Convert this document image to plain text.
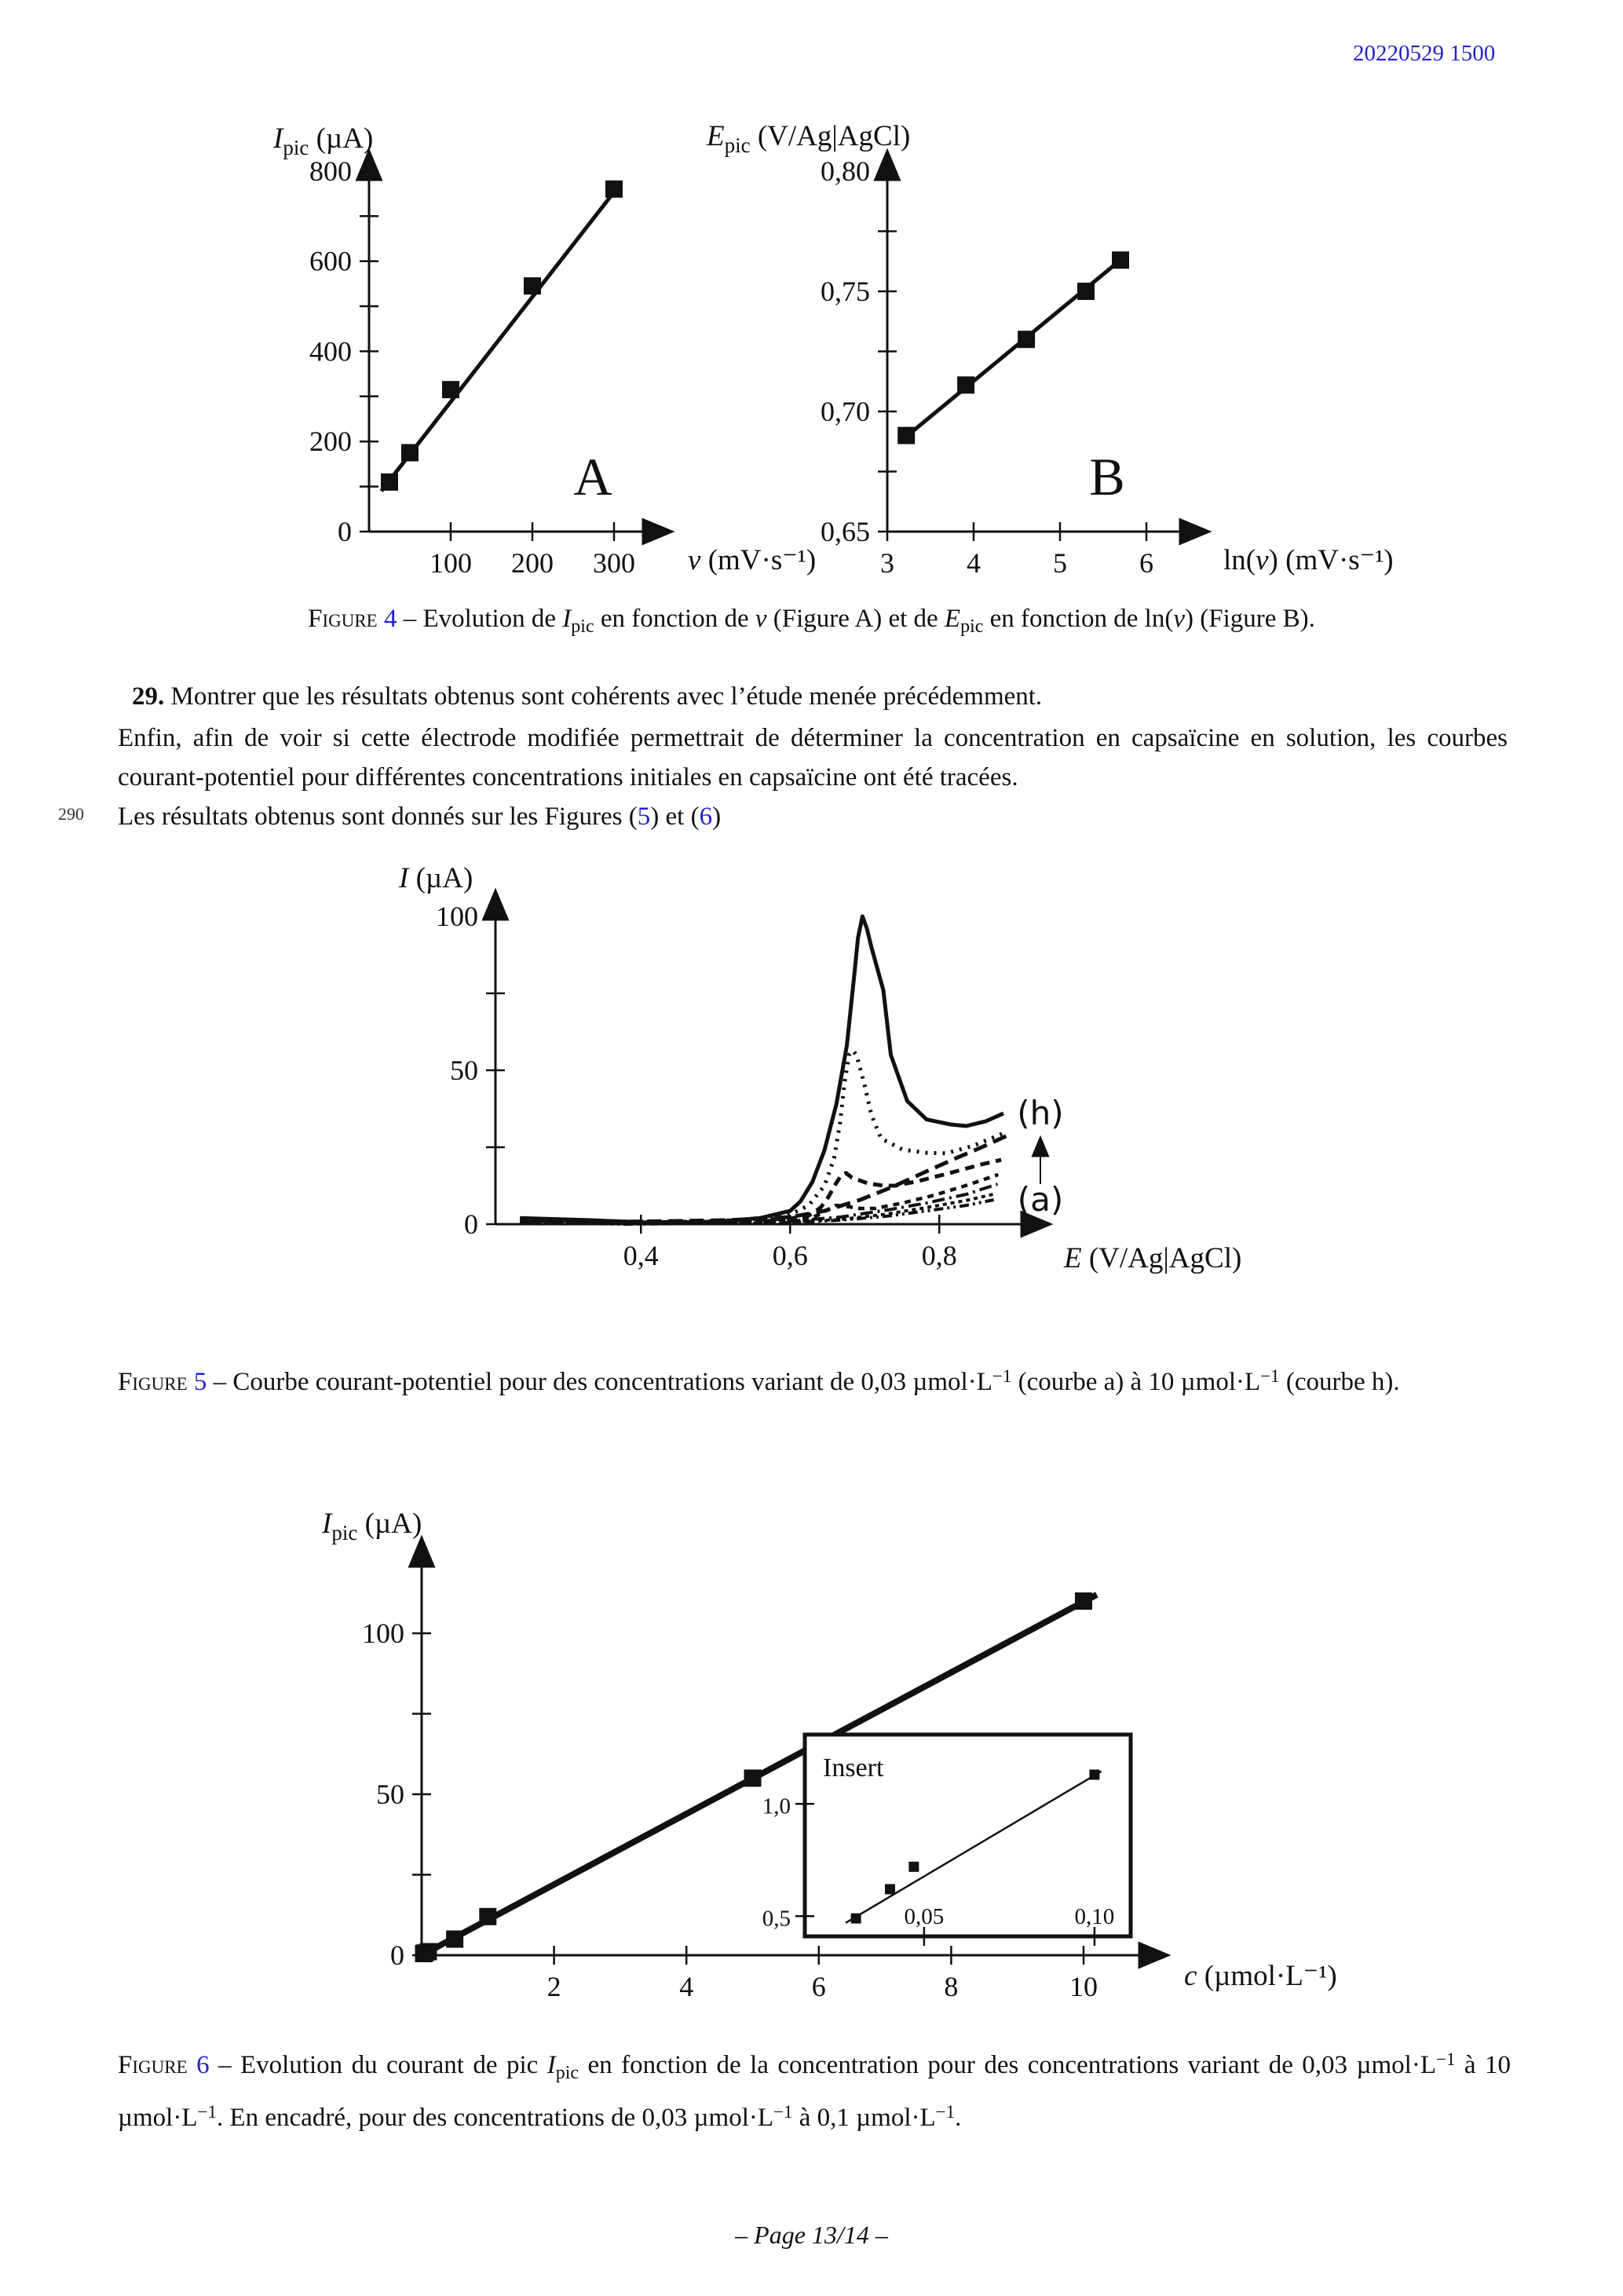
20220529 1500
100 200 300
0
200
400
600
800
$I_{pic}$ (µA)
v (mV·s⁻¹)
A
3	4	5	6
0,65
0,70
0,75
0,80
$E_{pic}$ (V/Ag|AgCl)
ln(v) (mV·s⁻¹)
B
Figure 4 – Evolution de $I_{pic}$ en fonction de v (Figure A) et de $E_{pic}$ en fonction de ln(v) (Figure B).
29. Montrer que les résultats obtenus sont cohérents avec l’étude menée précédemment.
Enfin, afin de voir si cette électrode modifiée permettrait de déterminer la concentration en capsaïcine en solution, les courbes courant-potentiel pour différentes concentrations initiales en capsaïcine ont été tracées.
290 Les résultats obtenus sont donnés sur les Figures (5) et (6)
0,4	0,6	0,8
0
50
100
I (µA)
E (V/Ag|AgCl)
(h)
(a)
Figure 5 – Courbe courant-potentiel pour des concentrations variant de 0,03 $\mu mol\cdot L^{-1}$ (courbe a) à 10 $\mu mol\cdot L^{-1}$ (courbe h).
2	4	6	8	10
0
50
100
Insert
0,05	0,10
0,5
1,0
$I_{pic}$ (µA)
c (µmol·L⁻¹)
Figure 6 – Evolution du courant de pic $I_{pic}$ en fonction de la concentration pour des concentrations variant de 0,03 $\mu mol\cdot L^{-1}$ à 10 $\mu mol\cdot L^{-1}$. En encadré, pour des concentrations de 0,03 $\mu mol\cdot L^{-1}$ à 0,1 $\mu mol\cdot L^{-1}$.
– Page 13/14 –
